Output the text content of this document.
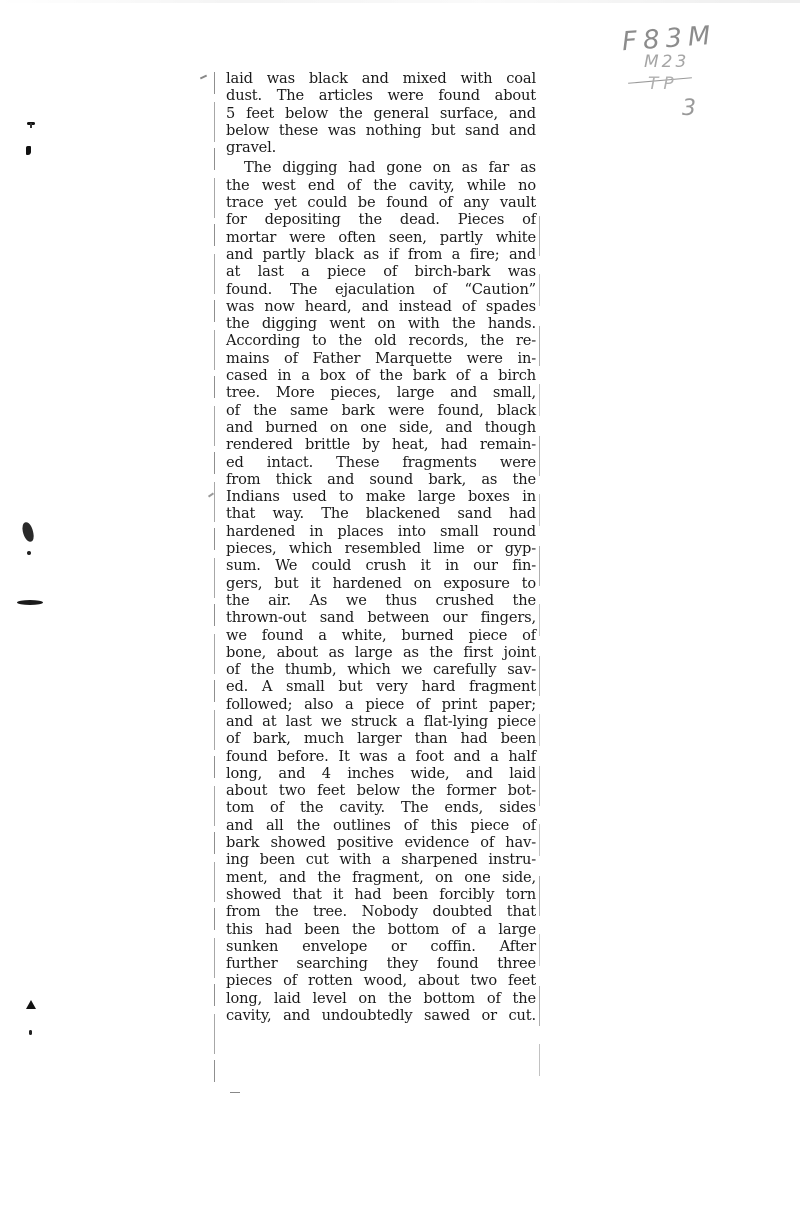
F83M
M23
TP
3
laid was black and mixed with coal
dust. The articles were found about
5 feet below the general surface, and
below these was nothing but sand and
gravel.
The digging had gone on as far as
the west end of the cavity, while no
trace yet could be found of any vault
for depositing the dead. Pieces of
mortar were often seen, partly white
and partly black as if from a fire; and
at last a piece of birch-bark was
found. The ejaculation of “Caution”
was now heard, and instead of spades
the digging went on with the hands.
According to the old records, the re-
mains of Father Marquette were in-
cased in a box of the bark of a birch
tree. More pieces, large and small,
of the same bark were found, black
and burned on one side, and though
rendered brittle by heat, had remain-
ed intact. These fragments were
from thick and sound bark, as the
Indians used to make large boxes in
that way. The blackened sand had
hardened in places into small round
pieces, which resembled lime or gyp-
sum. We could crush it in our fin-
gers, but it hardened on exposure to
the air. As we thus crushed the
thrown-out sand between our fingers,
we found a white, burned piece of
bone, about as large as the first joint
of the thumb, which we carefully sav-
ed. A small but very hard fragment
followed; also a piece of print paper;
and at last we struck a flat-lying piece
of bark, much larger than had been
found before. It was a foot and a half
long, and 4 inches wide, and laid
about two feet below the former bot-
tom of the cavity. The ends, sides
and all the outlines of this piece of
bark showed positive evidence of hav-
ing been cut with a sharpened instru-
ment, and the fragment, on one side,
showed that it had been forcibly torn
from the tree. Nobody doubted that
this had been the bottom of a large
sunken envelope or coffin. After
further searching they found three
pieces of rotten wood, about two feet
long, laid level on the bottom of the
cavity, and undoubtedly sawed or cut.
